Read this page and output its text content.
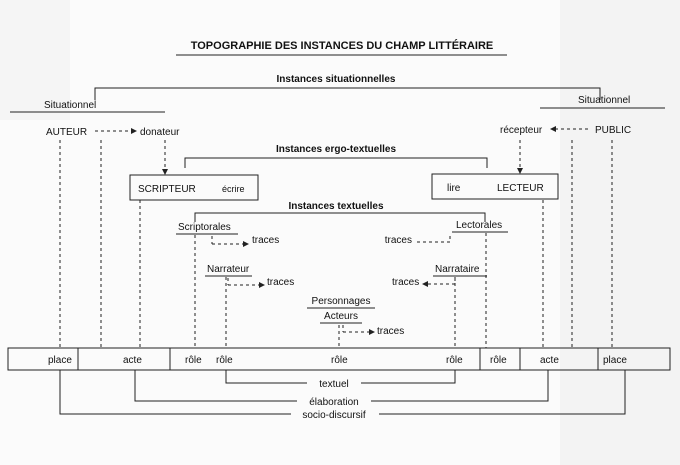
TOPOGRAPHIE DES INSTANCES DU CHAMP LITTÉRAIRE
Instances situationnelles
Situationnel
AUTEUR	donateur
Situationnel
récepteur	PUBLIC
Instances ergo-textuelles
SCRIPTEUR	écrire	lire	LECTEUR
Instances textuelles
Scriptorales
traces
Lectorales
traces
Narrateur
traces
Narrataire
traces
Personnages
Acteurs
traces
place	acte	rôle rôle	rôle	rôle	rôle	acte	place
textuel
élaboration
socio-discursif
